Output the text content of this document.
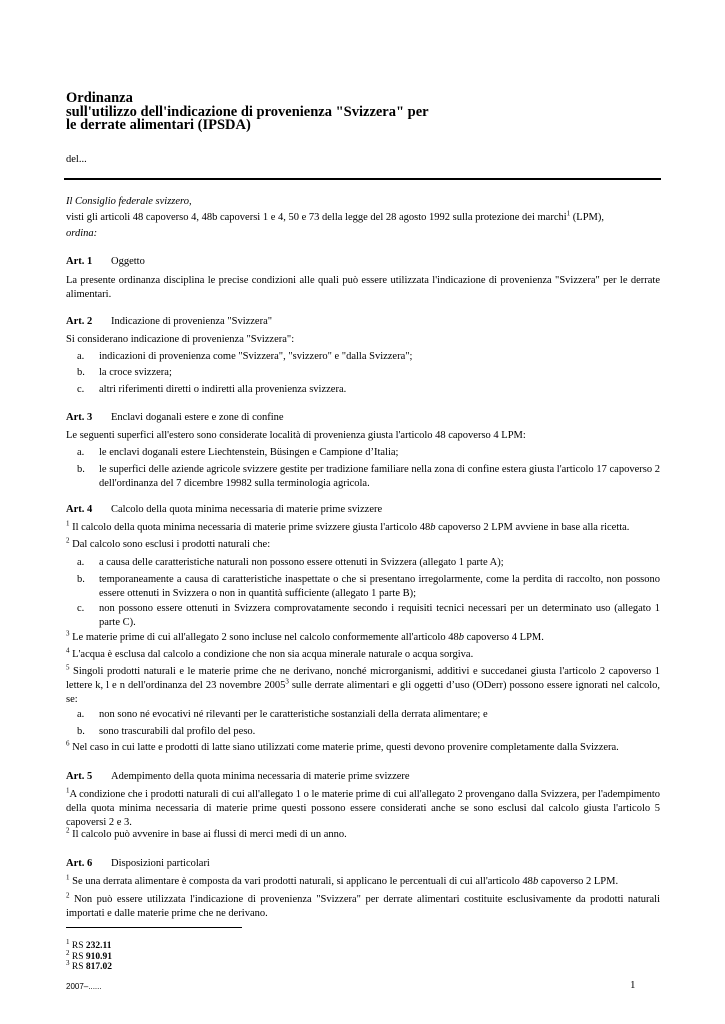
Ordinanza
sull'utilizzo dell'indicazione di provenienza "Svizzera" per
le derrate alimentari (IPSDA)
del...
Il Consiglio federale svizzero,
visti gli articoli 48 capoverso 4, 48b capoversi 1 e 4, 50 e 73 della legge del 28 agosto 1992 sulla protezione dei marchi$^1$ (LPM),
ordina:
Art. 1 Oggetto
La presente ordinanza disciplina le precise condizioni alle quali può essere utilizzata l'indicazione di provenienza "Svizzera" per le derrate alimentari.
Art. 2 Indicazione di provenienza "Svizzera"
Si considerano indicazione di provenienza "Svizzera":
a. indicazioni di provenienza come "Svizzera", "svizzero" e "dalla Svizzera";
b. la croce svizzera;
c. altri riferimenti diretti o indiretti alla provenienza svizzera.
Art. 3 Enclavi doganali estere e zone di confine
Le seguenti superfici all'estero sono considerate località di provenienza giusta l'articolo 48 capoverso 4 LPM:
a. le enclavi doganali estere Liechtenstein, Büsingen e Campione d’Italia;
b. le superfici delle aziende agricole svizzere gestite per tradizione familiare nella zona di confine estera giusta l'articolo 17 capoverso 2 dell'ordinanza del 7 dicembre 19982 sulla terminologia agricola.
Art. 4 Calcolo della quota minima necessaria di materie prime svizzere
$^1$ Il calcolo della quota minima necessaria di materie prime svizzere giusta l'articolo 48b capoverso 2 LPM avviene in base alla ricetta.
$^2$ Dal calcolo sono esclusi i prodotti naturali che:
a. a causa delle caratteristiche naturali non possono essere ottenuti in Svizzera (allegato 1 parte A);
b. temporaneamente a causa di caratteristiche inaspettate o che si presentano irregolarmente, come la perdita di raccolto, non possono essere ottenuti in Svizzera o non in quantità sufficiente (allegato 1 parte B);
c. non possono essere ottenuti in Svizzera comprovatamente secondo i requisiti tecnici necessari per un determinato uso (allegato 1 parte C).
$^3$ Le materie prime di cui all'allegato 2 sono incluse nel calcolo conformemente all'articolo 48b capoverso 4 LPM.
$^4$ L'acqua è esclusa dal calcolo a condizione che non sia acqua minerale naturale o acqua sorgiva.
$^5$ Singoli prodotti naturali e le materie prime che ne derivano, nonché microrganismi, additivi e succedanei giusta l'articolo 2 capoverso 1 lettere k, l e n dell'ordinanza del 23 novembre 2005$^3$ sulle derrate alimentari e gli oggetti d’uso (ODerr) possono essere ignorati nel calcolo, se:
a. non sono né evocativi né rilevanti per le caratteristiche sostanziali della derrata alimentare; e
b. sono trascurabili dal profilo del peso.
$^6$ Nel caso in cui latte e prodotti di latte siano utilizzati come materie prime, questi devono provenire completamente dalla Svizzera.
Art. 5 Adempimento della quota minima necessaria di materie prime svizzere
$^1$A condizione che i prodotti naturali di cui all'allegato 1 o le materie prime di cui all'allegato 2 provengano dalla Svizzera, per l'adempimento della quota minima necessaria di materie prime questi possono essere considerati anche se sono esclusi dal calcolo giusta l'articolo 5 capoversi 2 e 3.
$^2$ Il calcolo può avvenire in base ai flussi di merci medi di un anno.
Art. 6 Disposizioni particolari
$^1$ Se una derrata alimentare è composta da vari prodotti naturali, si applicano le percentuali di cui all'articolo 48b capoverso 2 LPM.
$^2$ Non può essere utilizzata l'indicazione di provenienza "Svizzera" per derrate alimentari costituite esclusivamente da prodotti naturali importati e dalle materie prime che ne derivano.
$^1$ RS 232.11
$^2$ RS 910.91
$^3$ RS 817.02
2007–......	1
